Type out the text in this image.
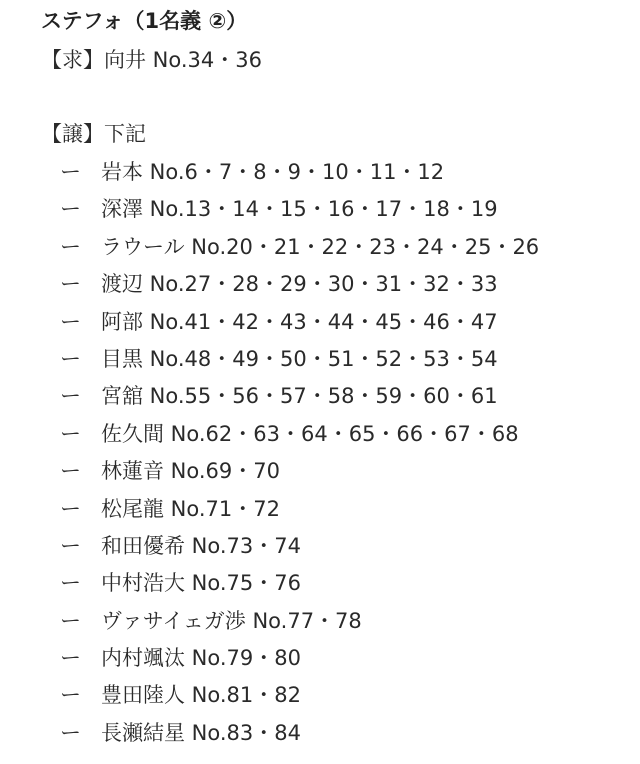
ステフォ（1名義 ②）
【求】向井 No.34・36
【譲】下記
ー 岩本 No.6・7・8・9・10・11・12
ー 深澤 No.13・14・15・16・17・18・19
ー ラウール No.20・21・22・23・24・25・26
ー 渡辺 No.27・28・29・30・31・32・33
ー 阿部 No.41・42・43・44・45・46・47
ー 目黒 No.48・49・50・51・52・53・54
ー 宮舘 No.55・56・57・58・59・60・61
ー 佐久間 No.62・63・64・65・66・67・68
ー 林蓮音 No.69・70
ー 松尾龍 No.71・72
ー 和田優希 No.73・74
ー 中村浩大 No.75・76
ー ヴァサイェガ渉 No.77・78
ー 内村颯汰 No.79・80
ー 豊田陸人 No.81・82
ー 長瀬結星 No.83・84
